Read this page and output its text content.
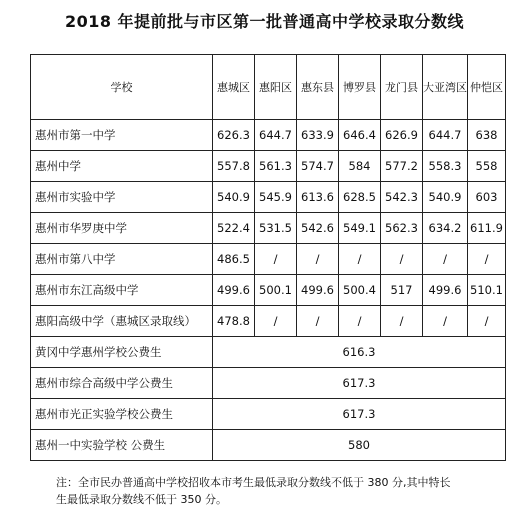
2018 年提前批与市区第一批普通高中学校录取分数线
学校	惠城区	惠阳区	惠东县	博罗县	龙门县	大亚湾区	仲恺区
惠州市第一中学	626.3	644.7	633.9	646.4	626.9	644.7	638
惠州中学	557.8	561.3	574.7	584	577.2	558.3	558
惠州市实验中学	540.9	545.9	613.6	628.5	542.3	540.9	603
惠州市华罗庚中学	522.4	531.5	542.6	549.1	562.3	634.2	611.9
惠州市第八中学	486.5	/	/	/	/	/	/
惠州市东江高级中学	499.6	500.1	499.6	500.4	517	499.6	510.1
惠阳高级中学（惠城区录取线）	478.8	/	/	/	/	/	/
黄冈中学惠州学校公费生	616.3						
惠州市综合高级中学公费生	617.3						
惠州市光正实验学校公费生	617.3						
惠州一中实验学校 公费生	580						
注：全市民办普通高中学校招收本市考生最低录取分数线不低于 380 分,其中特长
生最低录取分数线不低于 350 分。
